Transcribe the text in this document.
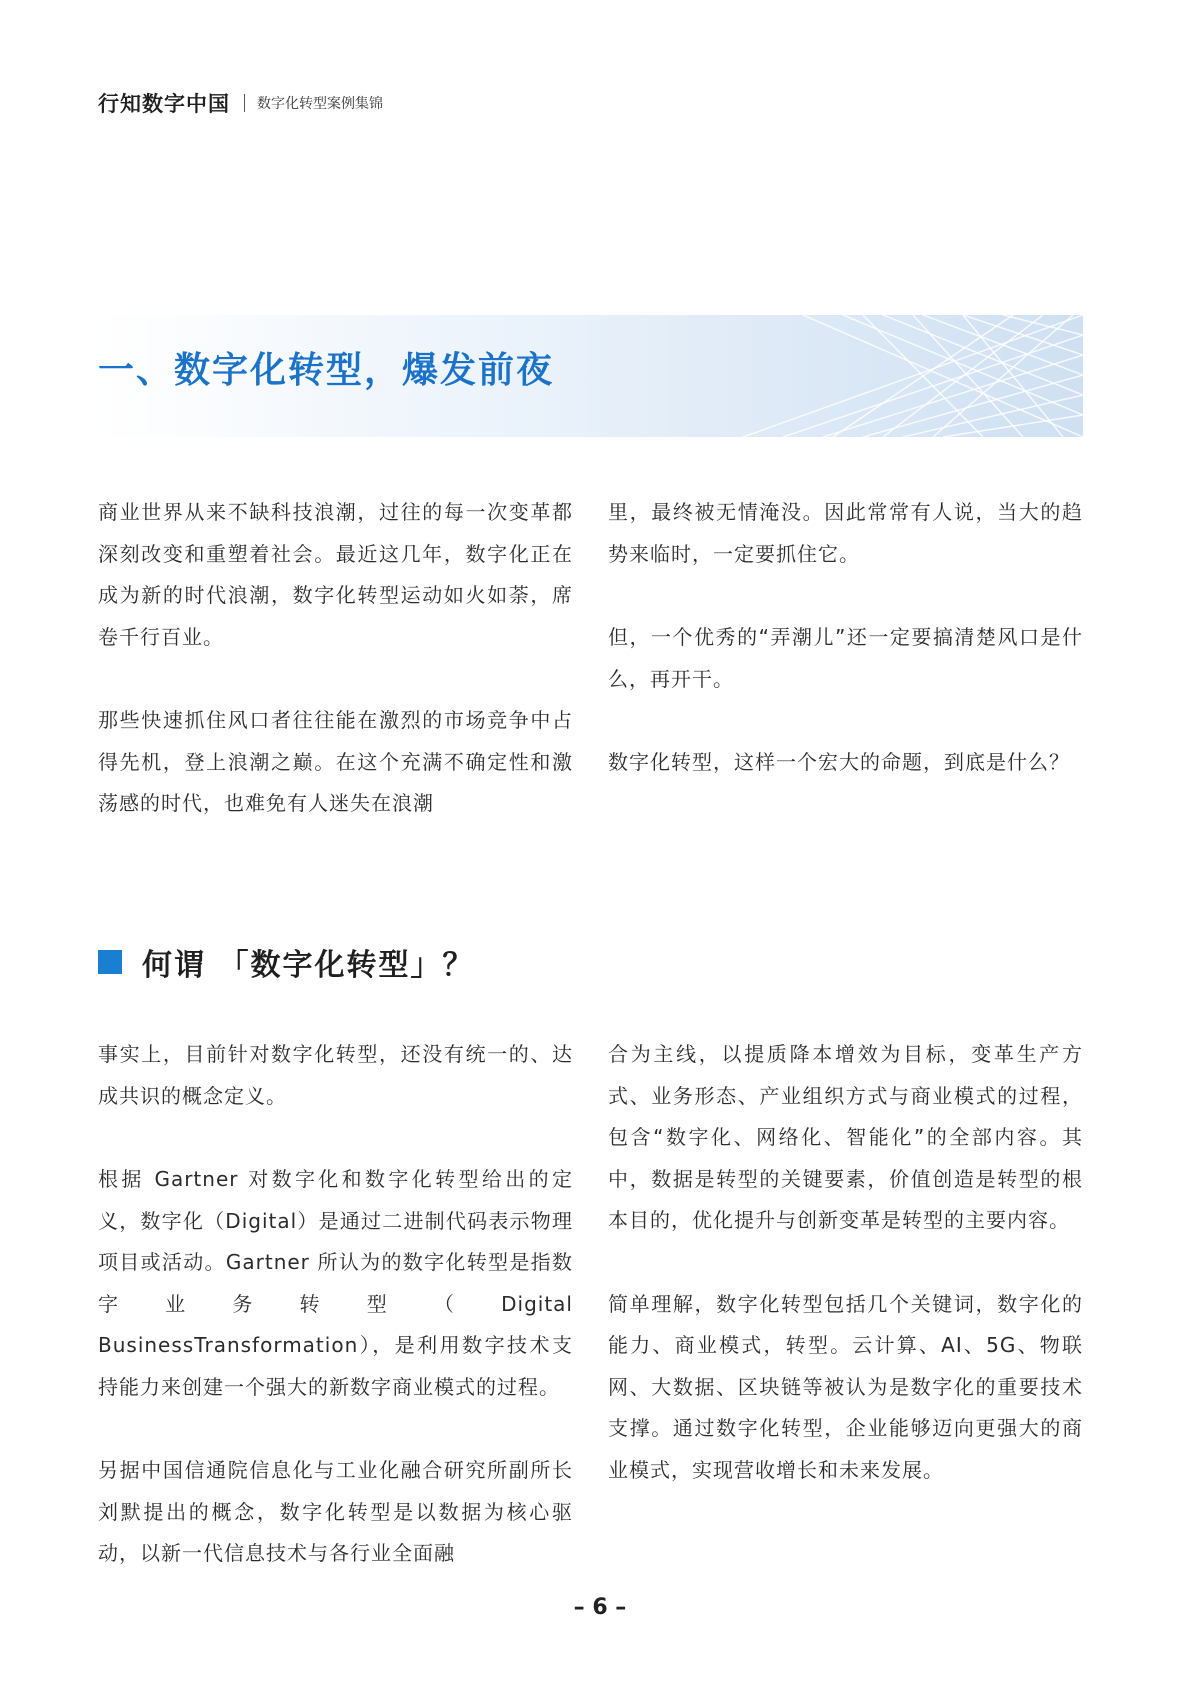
行知数字中国 数字化转型案例集锦
一、数字化转型，爆发前夜

商业世界从来不缺科技浪潮，过往的每一次变革都深刻改变和重塑着社会。最近这几年，数字化正在成为新的时代浪潮，数字化转型运动如火如荼，席卷千行百业。

那些快速抓住风口者往往能在激烈的市场竞争中占得先机，登上浪潮之巅。在这个充满不确定性和激荡感的时代，也难免有人迷失在浪潮

里，最终被无情淹没。因此常常有人说，当大的趋势来临时，一定要抓住它。

但，一个优秀的“弄潮儿”还一定要搞清楚风口是什么，再开干。

数字化转型，这样一个宏大的命题，到底是什么？

何谓 「数字化转型」？

事实上，目前针对数字化转型，还没有统一的、达成共识的概念定义。

根据 Gartner 对数字化和数字化转型给出的定义，数字化（Digital）是通过二进制代码表示物理项目或活动。Gartner 所认为的数字化转型是指数字业务转型（Digital BusinessTransformation），是利用数字技术支持能力来创建一个强大的新数字商业模式的过程。

另据中国信通院信息化与工业化融合研究所副所长刘默提出的概念，数字化转型是以数据为核心驱动，以新一代信息技术与各行业全面融

合为主线，以提质降本增效为目标，变革生产方式、业务形态、产业组织方式与商业模式的过程，包含“数字化、网络化、智能化”的全部内容。其中，数据是转型的关键要素，价值创造是转型的根本目的，优化提升与创新变革是转型的主要内容。

简单理解，数字化转型包括几个关键词，数字化的能力、商业模式，转型。云计算、AI、5G、物联网、大数据、区块链等被认为是数字化的重要技术支撑。通过数字化转型，企业能够迈向更强大的商业模式，实现营收增长和未来发展。

– 6 –
